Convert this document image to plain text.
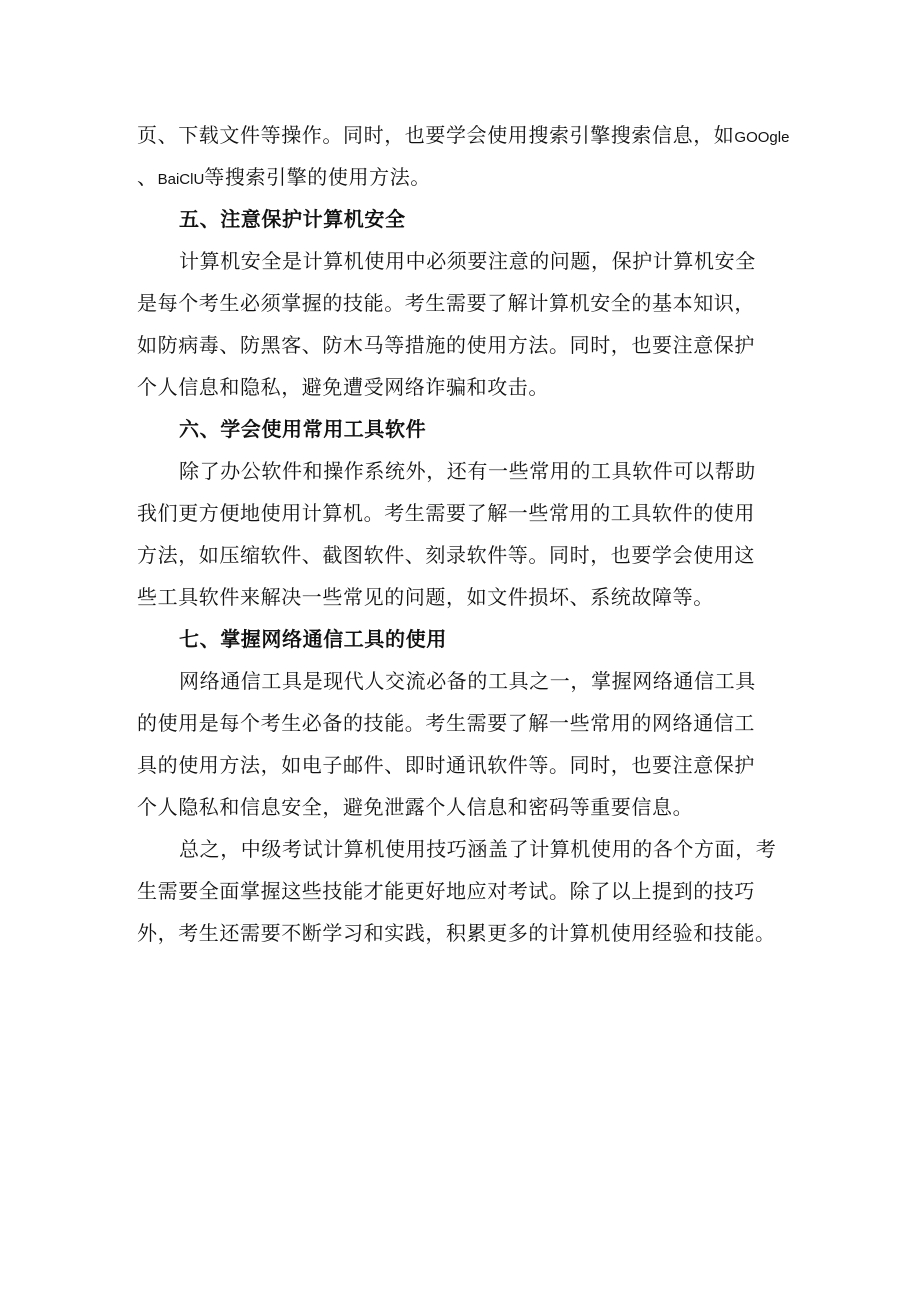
页、下载文件等操作。同时，也要学会使用搜索引擎搜索信息，如GOOgle
、BaiClU等搜索引擎的使用方法。
五、注意保护计算机安全
计算机安全是计算机使用中必须要注意的问题，保护计算机安全
是每个考生必须掌握的技能。考生需要了解计算机安全的基本知识，
如防病毒、防黑客、防木马等措施的使用方法。同时，也要注意保护
个人信息和隐私，避免遭受网络诈骗和攻击。
六、学会使用常用工具软件
除了办公软件和操作系统外，还有一些常用的工具软件可以帮助
我们更方便地使用计算机。考生需要了解一些常用的工具软件的使用
方法，如压缩软件、截图软件、刻录软件等。同时，也要学会使用这
些工具软件来解决一些常见的问题，如文件损坏、系统故障等。
七、掌握网络通信工具的使用
网络通信工具是现代人交流必备的工具之一，掌握网络通信工具
的使用是每个考生必备的技能。考生需要了解一些常用的网络通信工
具的使用方法，如电子邮件、即时通讯软件等。同时，也要注意保护
个人隐私和信息安全，避免泄露个人信息和密码等重要信息。
总之，中级考试计算机使用技巧涵盖了计算机使用的各个方面，考
生需要全面掌握这些技能才能更好地应对考试。除了以上提到的技巧
外，考生还需要不断学习和实践，积累更多的计算机使用经验和技能。
